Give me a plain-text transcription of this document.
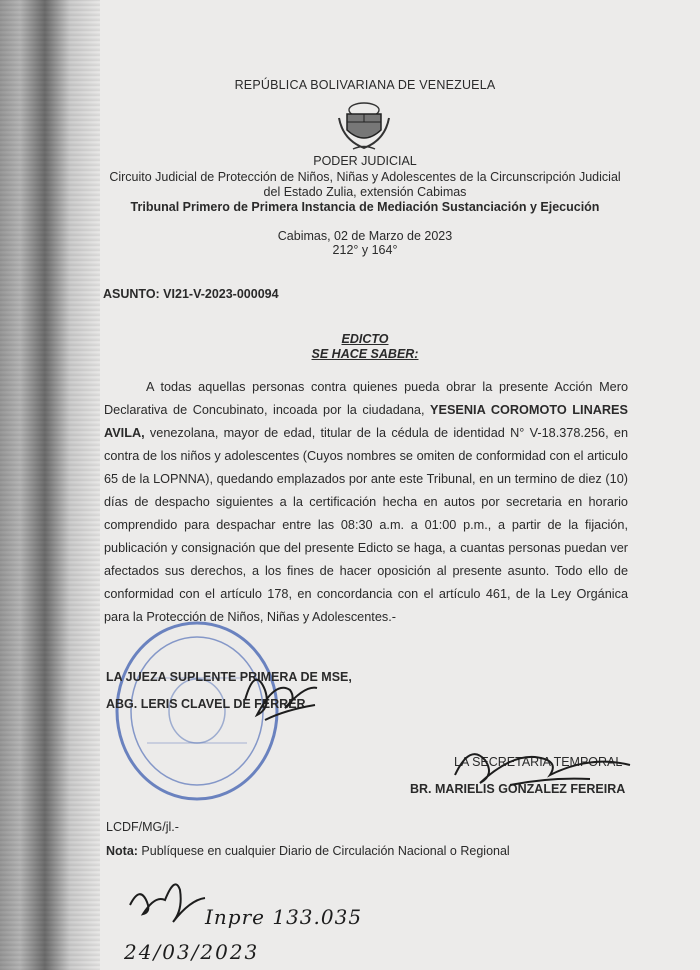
REPÚBLICA BOLIVARIANA DE VENEZUELA
PODER JUDICIAL
Circuito Judicial de Protección de Niños, Niñas y Adolescentes de la Circunscripción Judicial
del Estado Zulia, extensión Cabimas
Tribunal Primero de Primera Instancia de Mediación Sustanciación y Ejecución
Cabimas, 02 de Marzo de 2023
212° y 164°
ASUNTO: VI21-V-2023-000094
EDICTO
SE HACE SABER:
A todas aquellas personas contra quienes pueda obrar la presente Acción Mero Declarativa de Concubinato, incoada por la ciudadana, YESENIA COROMOTO LINARES AVILA, venezolana, mayor de edad, titular de la cédula de identidad N° V-18.378.256, en contra de los niños y adolescentes (Cuyos nombres se omiten de conformidad con el articulo 65 de la LOPNNA), quedando emplazados por ante este Tribunal, en un termino de diez (10) días de despacho siguientes a la certificación hecha en autos por secretaria en horario comprendido para despachar entre las 08:30 a.m. a 01:00 p.m., a partir de la fijación, publicación y consignación que del presente Edicto se haga, a cuantas personas puedan ver afectados sus derechos, a los fines de hacer oposición al presente asunto. Todo ello de conformidad con el artículo 178, en concordancia con el artículo 461, de la Ley Orgánica para la Protección de Niños, Niñas y Adolescentes.-
LA JUEZA SUPLENTE PRIMERA DE MSE,
ABG. LERIS CLAVEL DE FERRER
LA SECRETARIA TEMPORAL
BR. MARIELIS GONZALEZ FEREIRA
LCDF/MG/jl.-
Nota: Publíquese en cualquier Diario de Circulación Nacional o Regional
Inpre 133.035
24/03/2023
